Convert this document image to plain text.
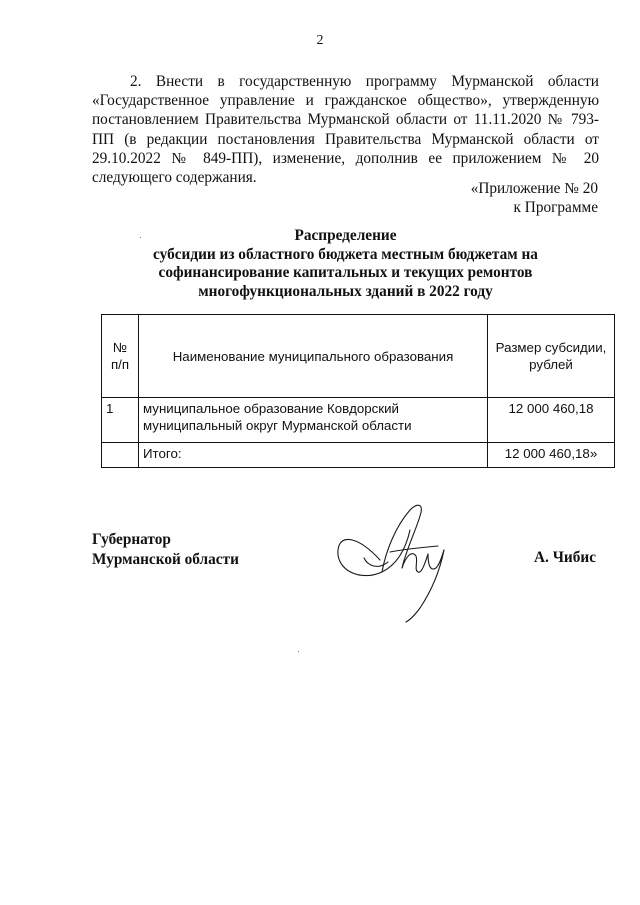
2

2. Внести в государственную программу Мурманской области «Государственное управление и гражданское общество», утвержденную постановлением Правительства Мурманской области от 11.11.2020 № 793-ПП (в редакции постановления Правительства Мурманской области от 29.10.2022 № 849-ПП), изменение, дополнив ее приложением № 20 следующего содержания.

«Приложение № 20
к Программе
Распределение
субсидии из областного бюджета местным бюджетам на
софинансирование капитальных и текущих ремонтов
многофункциональных зданий в 2022 году
№ п/п	Наименование муниципального образования	Размер субсидии, рублей
1	муниципальное образование Ковдорский муниципальный округ Мурманской области	12 000 460,18
	Итого:	12 000 460,18»
Губернатор
Мурманской области	А. Чибис
